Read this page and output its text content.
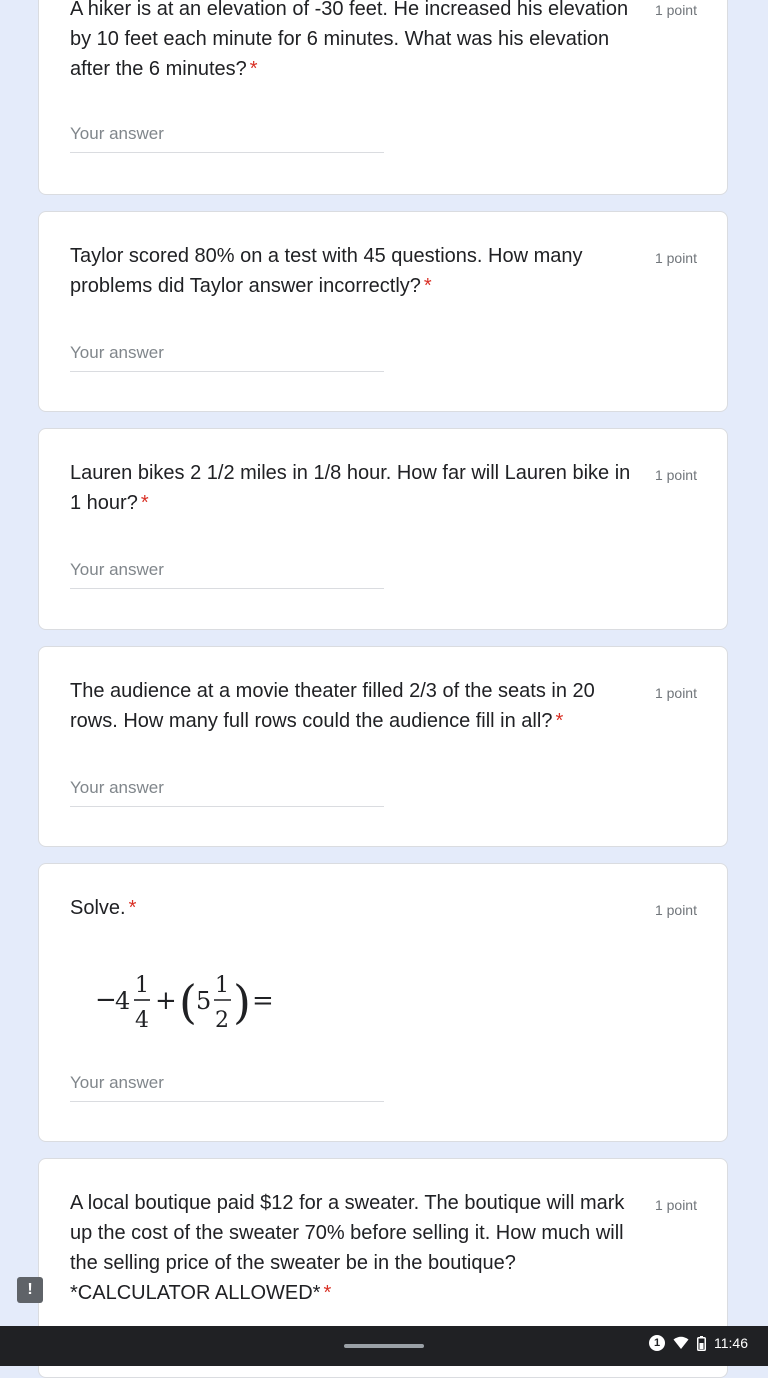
A hiker is at an elevation of -30 feet. He increased his elevation by 10 feet each minute for 6 minutes. What was his elevation after the 6 minutes? *
1 point
Your answer
Taylor scored 80% on a test with 45 questions. How many problems did Taylor answer incorrectly? *
1 point
Your answer
Lauren bikes 2 1/2 miles in 1/8 hour. How far will Lauren bike in 1 hour? *
1 point
Your answer
The audience at a movie theater filled 2/3 of the seats in 20 rows. How many full rows could the audience fill in all? *
1 point
Your answer
Solve. *	1 point
−
4
1
4
+ ( 5
1
2 ) =
Your answer
A local boutique paid $12 for a sweater. The boutique will mark up the cost of the sweater 70% before selling it. How much will the selling price of the sweater be in the boutique? *CALCULATOR ALLOWED* *
1 point
!
1	11:46
